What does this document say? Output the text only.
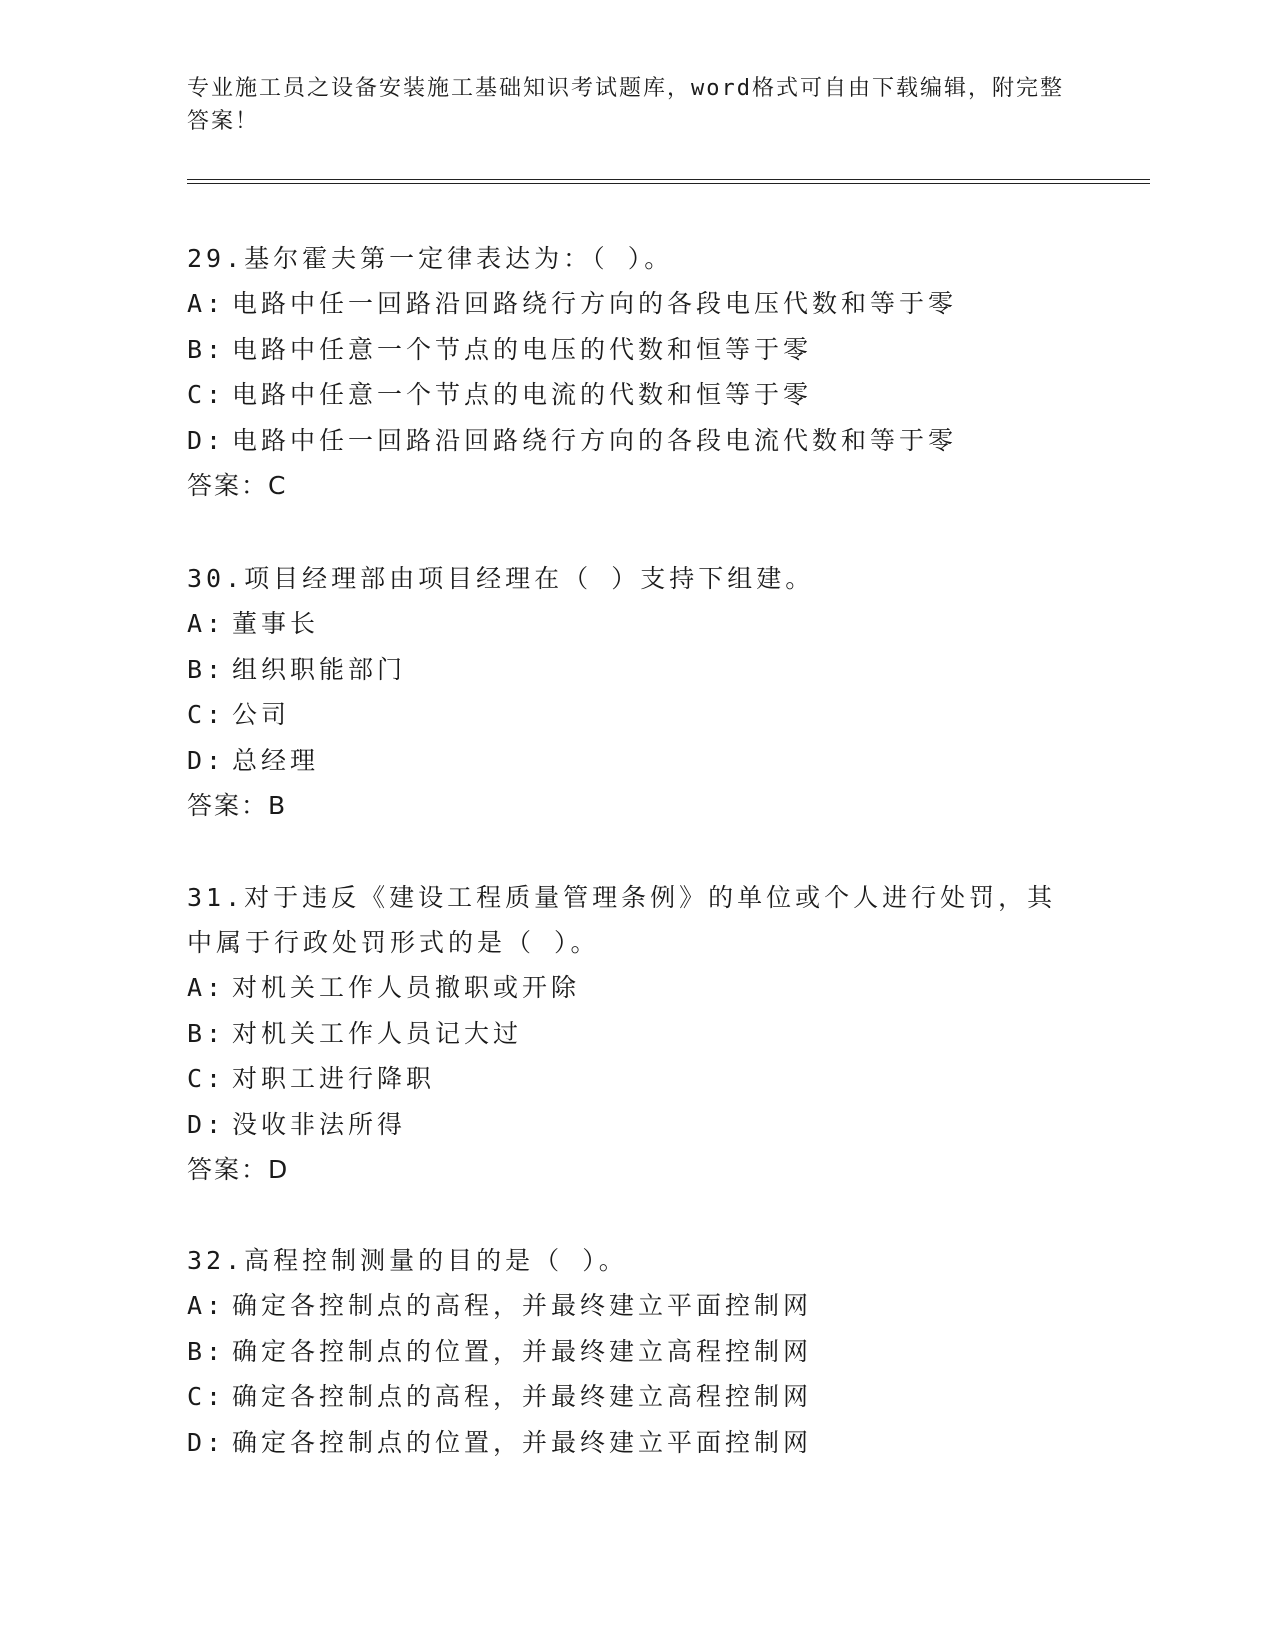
专业施工员之设备安装施工基础知识考试题库，word格式可自由下载编辑，附完整答案！
29.基尔霍夫第一定律表达为：（ ）。
A: 电路中任一回路沿回路绕行方向的各段电压代数和等于零
B: 电路中任意一个节点的电压的代数和恒等于零
C: 电路中任意一个节点的电流的代数和恒等于零
D: 电路中任一回路沿回路绕行方向的各段电流代数和等于零
答案：C
30.项目经理部由项目经理在（ ）支持下组建。
A: 董事长
B: 组织职能部门
C: 公司
D: 总经理
答案：B
31.对于违反《建设工程质量管理条例》的单位或个人进行处罚，其中属于行政处罚形式的是（ ）。
A: 对机关工作人员撤职或开除
B: 对机关工作人员记大过
C: 对职工进行降职
D: 没收非法所得
答案：D
32.高程控制测量的目的是（ ）。
A: 确定各控制点的高程，并最终建立平面控制网
B: 确定各控制点的位置，并最终建立高程控制网
C: 确定各控制点的高程，并最终建立高程控制网
D: 确定各控制点的位置，并最终建立平面控制网
